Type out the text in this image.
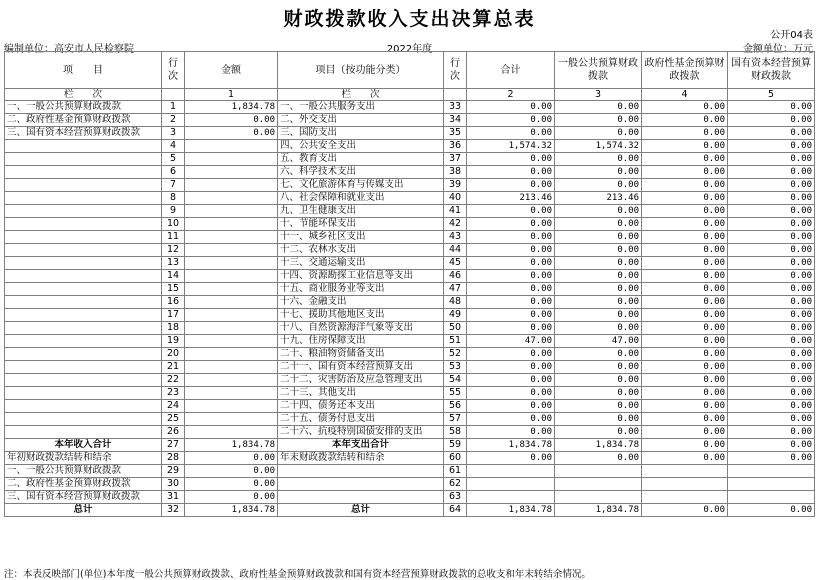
财政拨款收入支出决算总表
公开04表
编制单位：高安市人民检察院	2022年度	金额单位：万元
项　　目	行次	金额	项目（按功能分类）	行次	合计	一般公共预算财政拨款	政府性基金预算财政拨款	国有资本经营预算财政拨款
栏　　次		1	栏　　次		2	3	4	5
一、一般公共预算财政拨款	1	1,834.78	一、一般公共服务支出	33	0.00	0.00	0.00	0.00
二、政府性基金预算财政拨款	2	0.00	二、外交支出	34	0.00	0.00	0.00	0.00
三、国有资本经营预算财政拨款	3	0.00	三、国防支出	35	0.00	0.00	0.00	0.00
	4		四、公共安全支出	36	1,574.32	1,574.32	0.00	0.00
	5		五、教育支出	37	0.00	0.00	0.00	0.00
	6		六、科学技术支出	38	0.00	0.00	0.00	0.00
	7		七、文化旅游体育与传媒支出	39	0.00	0.00	0.00	0.00
	8		八、社会保障和就业支出	40	213.46	213.46	0.00	0.00
	9		九、卫生健康支出	41	0.00	0.00	0.00	0.00
	10		十、节能环保支出	42	0.00	0.00	0.00	0.00
	11		十一、城乡社区支出	43	0.00	0.00	0.00	0.00
	12		十二、农林水支出	44	0.00	0.00	0.00	0.00
	13		十三、交通运输支出	45	0.00	0.00	0.00	0.00
	14		十四、资源勘探工业信息等支出	46	0.00	0.00	0.00	0.00
	15		十五、商业服务业等支出	47	0.00	0.00	0.00	0.00
	16		十六、金融支出	48	0.00	0.00	0.00	0.00
	17		十七、援助其他地区支出	49	0.00	0.00	0.00	0.00
	18		十八、自然资源海洋气象等支出	50	0.00	0.00	0.00	0.00
	19		十九、住房保障支出	51	47.00	47.00	0.00	0.00
	20		二十、粮油物资储备支出	52	0.00	0.00	0.00	0.00
	21		二十一、国有资本经营预算支出	53	0.00	0.00	0.00	0.00
	22		二十二、灾害防治及应急管理支出	54	0.00	0.00	0.00	0.00
	23		二十三、其他支出	55	0.00	0.00	0.00	0.00
	24		二十四、债务还本支出	56	0.00	0.00	0.00	0.00
	25		二十五、债务付息支出	57	0.00	0.00	0.00	0.00
	26		二十六、抗疫特别国债安排的支出	58	0.00	0.00	0.00	0.00
本年收入合计	27	1,834.78	本年支出合计	59	1,834.78	1,834.78	0.00	0.00
年初财政拨款结转和结余	28	0.00	年末财政拨款结转和结余	60	0.00	0.00	0.00	0.00
一、一般公共预算财政拨款	29	0.00		61				
二、政府性基金预算财政拨款	30	0.00		62				
三、国有资本经营预算财政拨款	31	0.00		63				
总计	32	1,834.78	总计	64	1,834.78	1,834.78	0.00	0.00
注：本表反映部门(单位)本年度一般公共预算财政拨款、政府性基金预算财政拨款和国有资本经营预算财政拨款的总收支和年末转结余情况。
